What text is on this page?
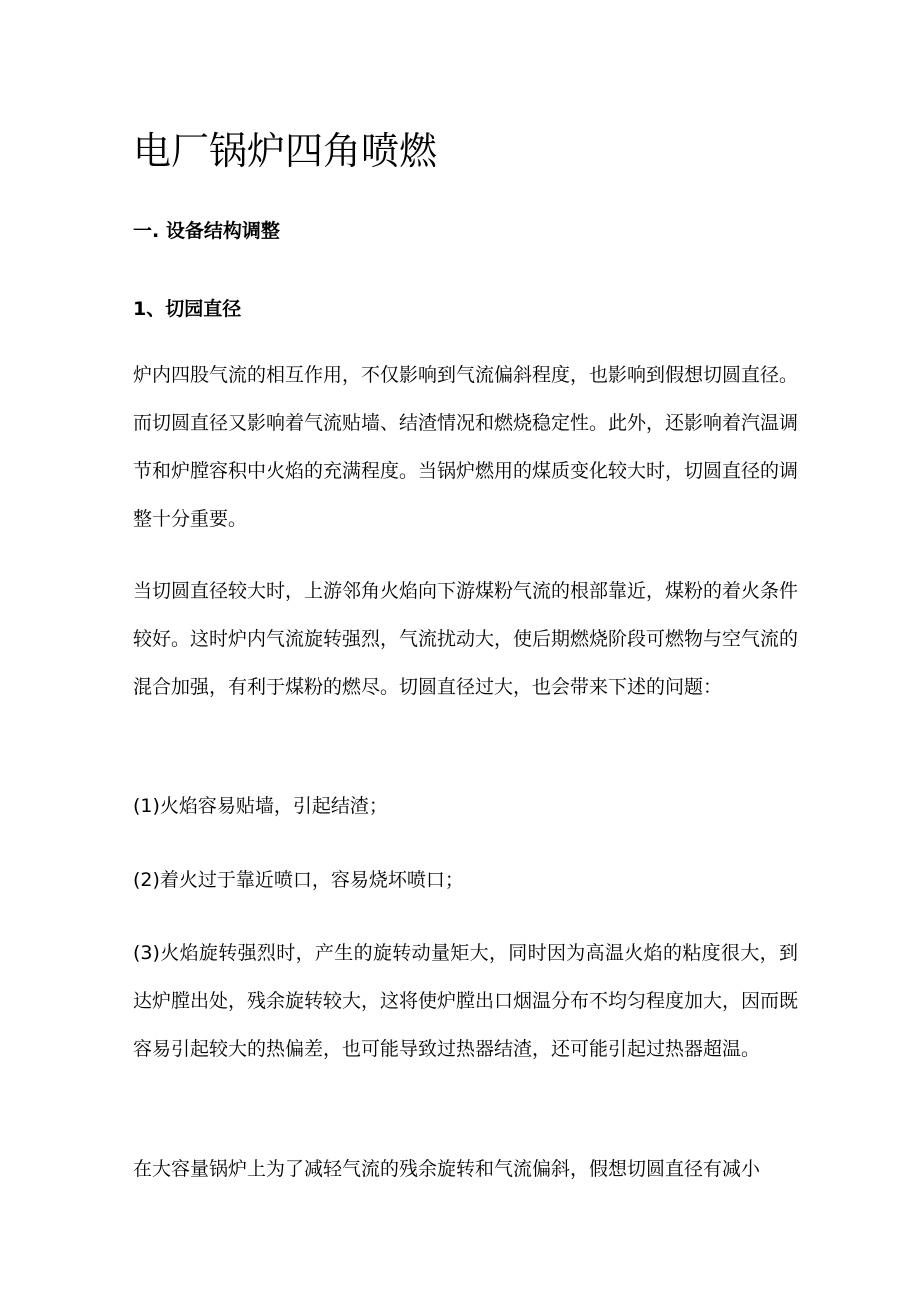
电厂锅炉四角喷燃
一. 设备结构调整
1、切园直径

炉内四股气流的相互作用，不仅影响到气流偏斜程度，也影响到假想切圆直径。而切圆直径又影响着气流贴墙、结渣情况和燃烧稳定性。此外，还影响着汽温调节和炉膛容积中火焰的充满程度。当锅炉燃用的煤质变化较大时，切圆直径的调整十分重要。

当切圆直径较大时，上游邻角火焰向下游煤粉气流的根部靠近，煤粉的着火条件较好。这时炉内气流旋转强烈，气流扰动大，使后期燃烧阶段可燃物与空气流的混合加强，有利于煤粉的燃尽。切圆直径过大，也会带来下述的问题：

(1)火焰容易贴墙，引起结渣；

(2)着火过于靠近喷口，容易烧坏喷口；

(3)火焰旋转强烈时，产生的旋转动量矩大，同时因为高温火焰的粘度很大，到达炉膛出处，残余旋转较大，这将使炉膛出口烟温分布不均匀程度加大，因而既容易引起较大的热偏差，也可能导致过热器结渣，还可能引起过热器超温。

在大容量锅炉上为了减轻气流的残余旋转和气流偏斜，假想切圆直径有减小
